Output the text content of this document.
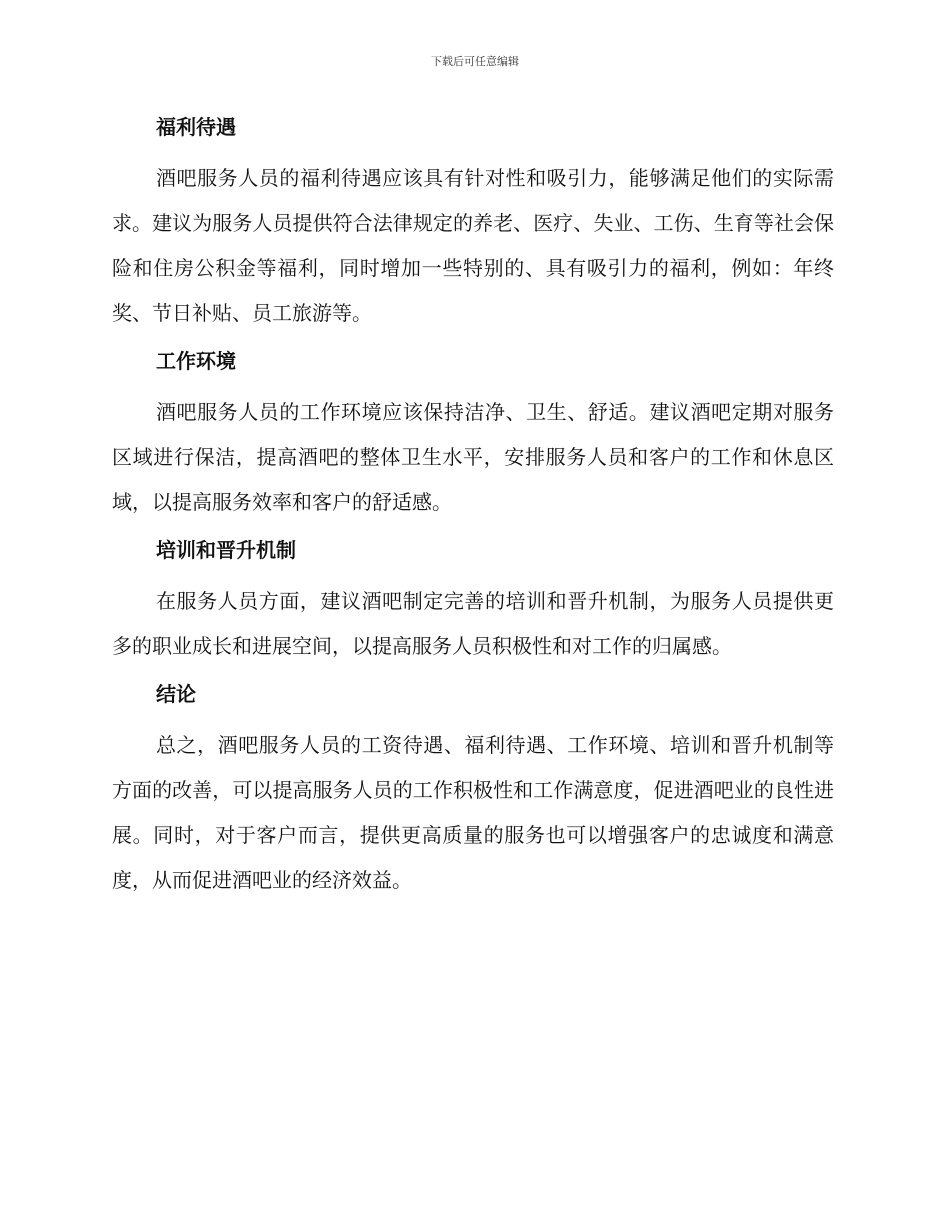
下载后可任意编辑
福利待遇

酒吧服务人员的福利待遇应该具有针对性和吸引力，能够满足他们的实际需求。建议为服务人员提供符合法律规定的养老、医疗、失业、工伤、生育等社会保险和住房公积金等福利，同时增加一些特别的、具有吸引力的福利，例如：年终奖、节日补贴、员工旅游等。

工作环境

酒吧服务人员的工作环境应该保持洁净、卫生、舒适。建议酒吧定期对服务区域进行保洁，提高酒吧的整体卫生水平，安排服务人员和客户的工作和休息区域，以提高服务效率和客户的舒适感。

培训和晋升机制

在服务人员方面，建议酒吧制定完善的培训和晋升机制，为服务人员提供更多的职业成长和进展空间，以提高服务人员积极性和对工作的归属感。

结论

总之，酒吧服务人员的工资待遇、福利待遇、工作环境、培训和晋升机制等方面的改善，可以提高服务人员的工作积极性和工作满意度，促进酒吧业的良性进展。同时，对于客户而言，提供更高质量的服务也可以增强客户的忠诚度和满意度，从而促进酒吧业的经济效益。
